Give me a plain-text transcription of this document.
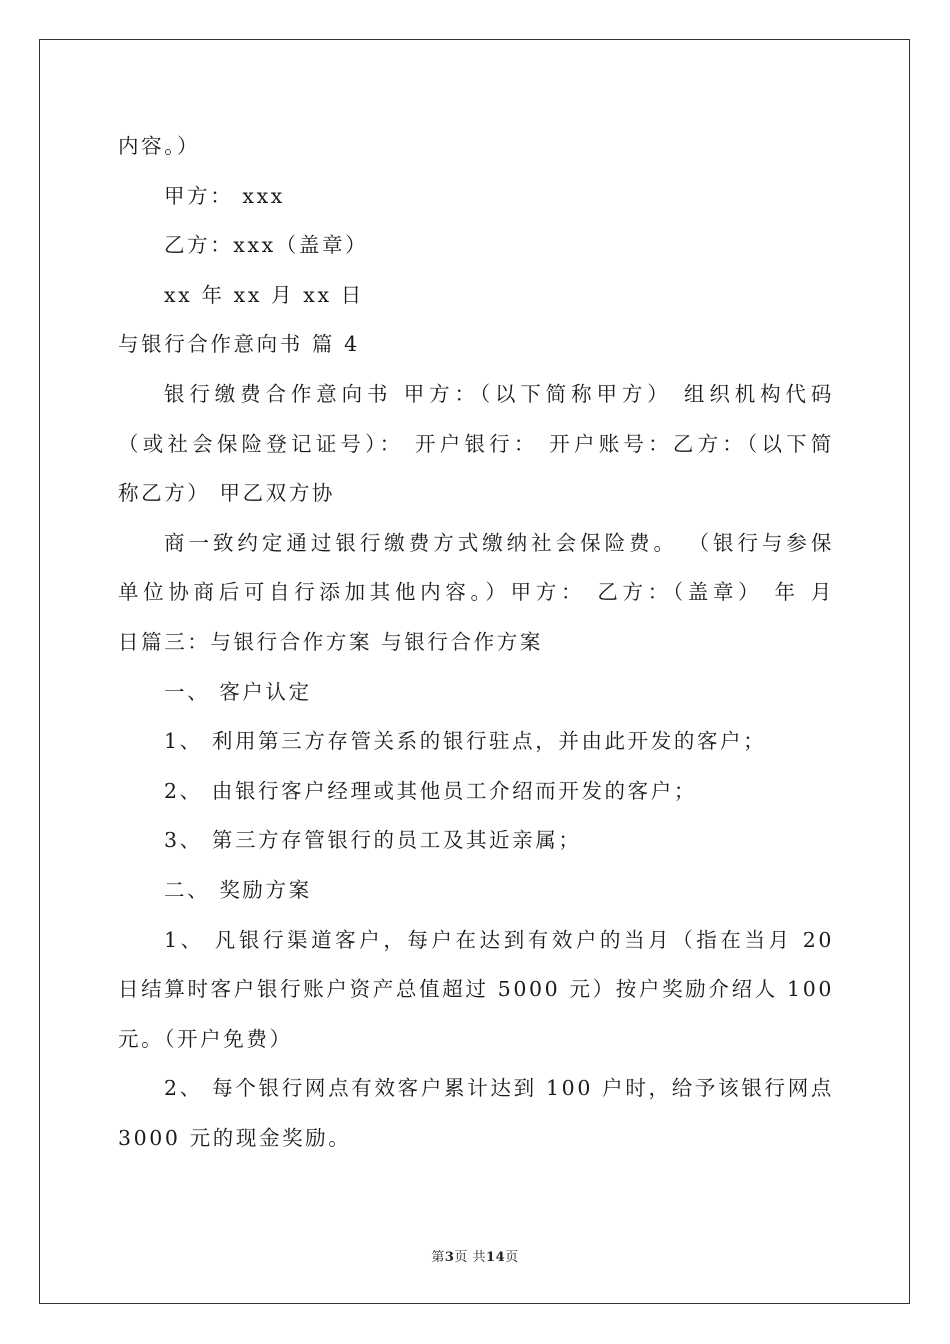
内容。）
甲方： xxx
乙方：xxx（盖章）
xx 年 xx 月 xx 日
与银行合作意向书 篇 4
银行缴费合作意向书 甲方：（以下简称甲方） 组织机构代码
（或社会保险登记证号）： 开户银行： 开户账号：乙方：（以下简
称乙方） 甲乙双方协
商一致约定通过银行缴费方式缴纳社会保险费。 （银行与参保
单位协商后可自行添加其他内容。）甲方： 乙方：（盖章） 年 月
日篇三：与银行合作方案 与银行合作方案
一、 客户认定
1、 利用第三方存管关系的银行驻点，并由此开发的客户；
2、 由银行客户经理或其他员工介绍而开发的客户；
3、 第三方存管银行的员工及其近亲属；
二、 奖励方案
1、 凡银行渠道客户，每户在达到有效户的当月（指在当月 20
日结算时客户银行账户资产总值超过 5000 元）按户奖励介绍人 100
元。（开户免费）
2、 每个银行网点有效客户累计达到 100 户时，给予该银行网点
3000 元的现金奖励。
第3页 共14页
